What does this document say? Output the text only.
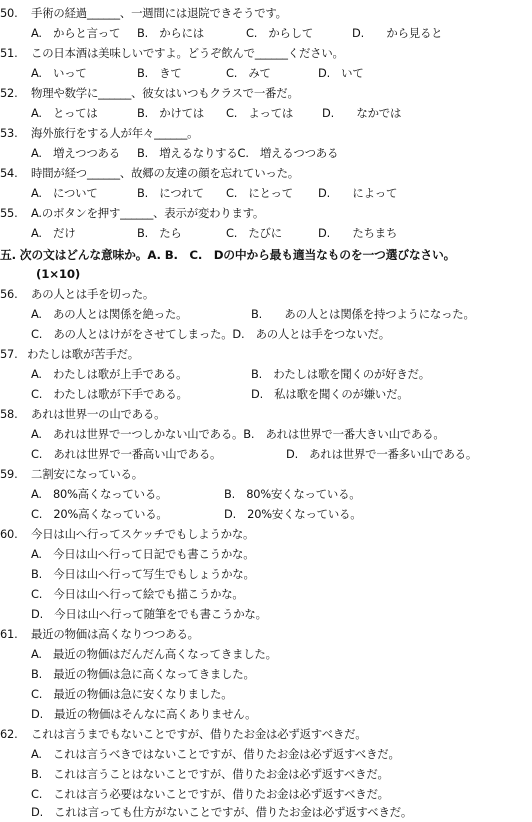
50. 手術の経過______、一週間には退院できそうです。
A.　からと言って B.　からには	C.　からして	D.　　から見ると
51. この日本酒は美味しいですよ。どうぞ飲んで______ください。
A.　いって	B.　きて	C.　みて	D.　いて
52. 物理や数学に______、彼女はいつもクラスで一番だ。
A.　とっては	B.　かけては C.　よっては	D.　　なかでは
53. 海外旅行をする人が年々______。
A.　増えつつある B.　増えるなりするC.　増えるつつある
54. 時間が経つ______、故郷の友達の顔を忘れていった。
A.　について	B.　につれて C.　にとって D.　　によって
55. A.のボタンを押す______、表示が変わります。
A.　だけ	B.　たら	C.　たびに	D.　　たちまち
五. 次の文はどんな意味か。A. B.　C.　Dの中から最も適当なものを一つ選びなさい。
(1×10)
56. あの人とは手を切った。
A.　あの人とは関係を絶った。	B.　　あの人とは関係を持つようになった。
C.　あの人とはけがをさせてしまった。D.　あの人とは手をつないだ。
57. わたしは歌が苦手だ。
A.　わたしは歌が上手である。	B.　わたしは歌を聞くのが好きだ。
C.　わたしは歌が下手である。	D.　私は歌を聞くのが嫌いだ。
58. あれは世界一の山である。
A.　あれは世界で一つしかない山である。B.　あれは世界で一番大きい山である。
C.　あれは世界で一番高い山である。	D.　あれは世界で一番多い山である。
59. 二割安になっている。
A.　80%高くなっている。	B.　80%安くなっている。
C.　20%高くなっている。	D.　20%安くなっている。
60. 今日は山へ行ってスケッチでもしようかな。
A.　今日は山へ行って日記でも書こうかな。
B.　今日は山へ行って写生でもしょうかな。
C.　今日は山へ行って絵でも描こうかな。
D.　今日は山へ行って随筆をでも書こうかな。
61. 最近の物価は高くなりつつある。
A.　最近の物価はだんだん高くなってきました。
B.　最近の物価は急に高くなってきました。
C.　最近の物価は急に安くなりました。
D.　最近の物価はそんなに高くありません。
62. これは言うまでもないことですが、借りたお金は必ず返すべきだ。
A.　これは言うべきではないことですが、借りたお金は必ず返すべきだ。
B.　これは言うことはないことですが、借りたお金は必ず返すべきだ。
C.　これは言う必要はないことですが、借りたお金は必ず返すべきだ。
D.　これは言っても仕方がないことですが、借りたお金は必ず返すべきだ。
